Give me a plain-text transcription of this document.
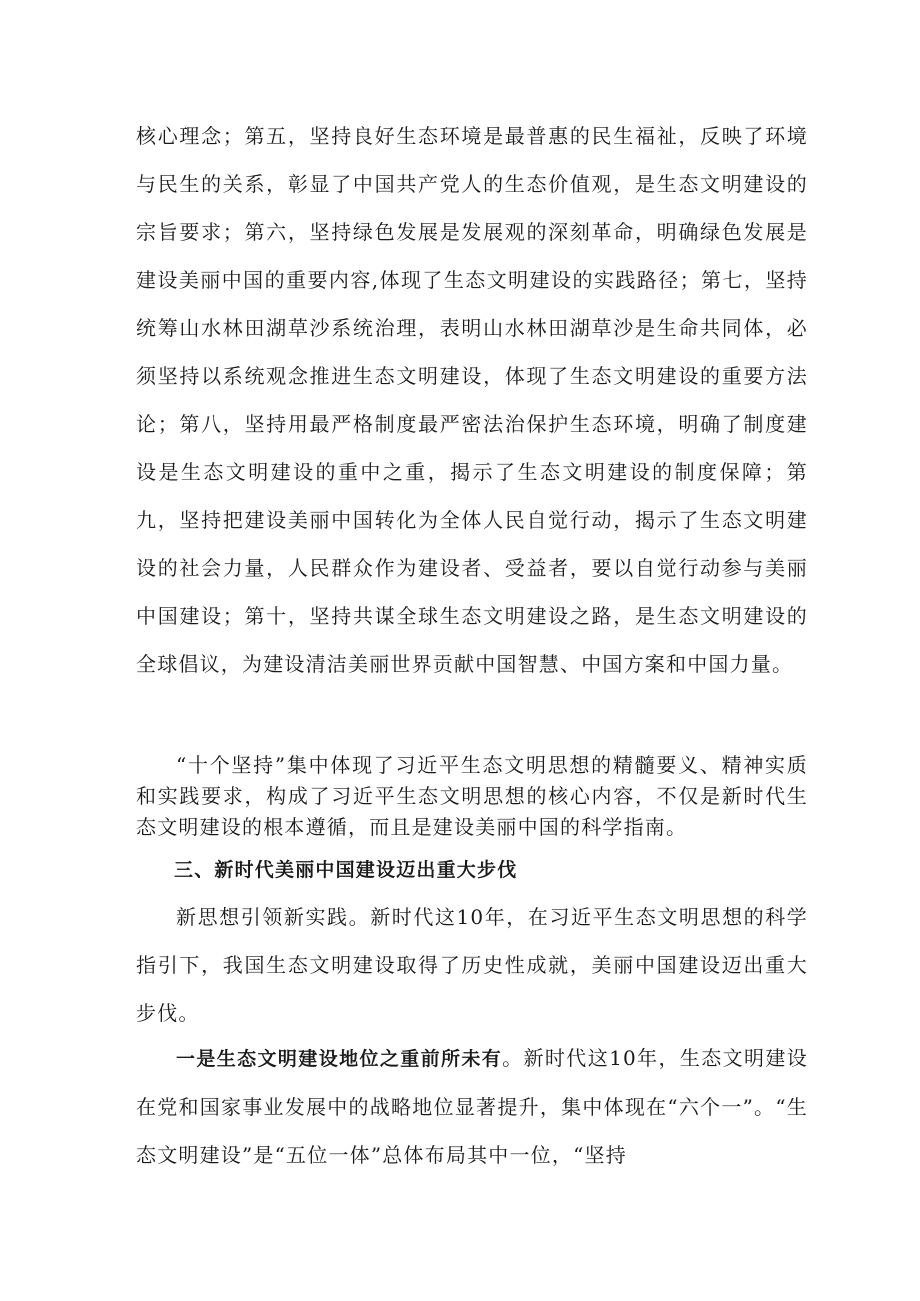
核心理念；第五，坚持良好生态环境是最普惠的民生福祉，反映了环境与民生的关系，彰显了中国共产党人的生态价值观，是生态文明建设的宗旨要求；第六，坚持绿色发展是发展观的深刻革命，明确绿色发展是建设美丽中国的重要内容,体现了生态文明建设的实践路径；第七，坚持统筹山水林田湖草沙系统治理，表明山水林田湖草沙是生命共同体，必须坚持以系统观念推进生态文明建设，体现了生态文明建设的重要方法论；第八，坚持用最严格制度最严密法治保护生态环境，明确了制度建设是生态文明建设的重中之重，揭示了生态文明建设的制度保障；第九，坚持把建设美丽中国转化为全体人民自觉行动，揭示了生态文明建设的社会力量，人民群众作为建设者、受益者，要以自觉行动参与美丽中国建设；第十，坚持共谋全球生态文明建设之路，是生态文明建设的全球倡议，为建设清洁美丽世界贡献中国智慧、中国方案和中国力量。

“十个坚持”集中体现了习近平生态文明思想的精髓要义、精神实质和实践要求，构成了习近平生态文明思想的核心内容，不仅是新时代生态文明建设的根本遵循，而且是建设美丽中国的科学指南。

三、新时代美丽中国建设迈出重大步伐

新思想引领新实践。新时代这10年，在习近平生态文明思想的科学指引下，我国生态文明建设取得了历史性成就，美丽中国建设迈出重大步伐。

一是生态文明建设地位之重前所未有。新时代这10年，生态文明建设在党和国家事业发展中的战略地位显著提升，集中体现在“六个一”。“生态文明建设”是“五位一体”总体布局其中一位，“坚持
